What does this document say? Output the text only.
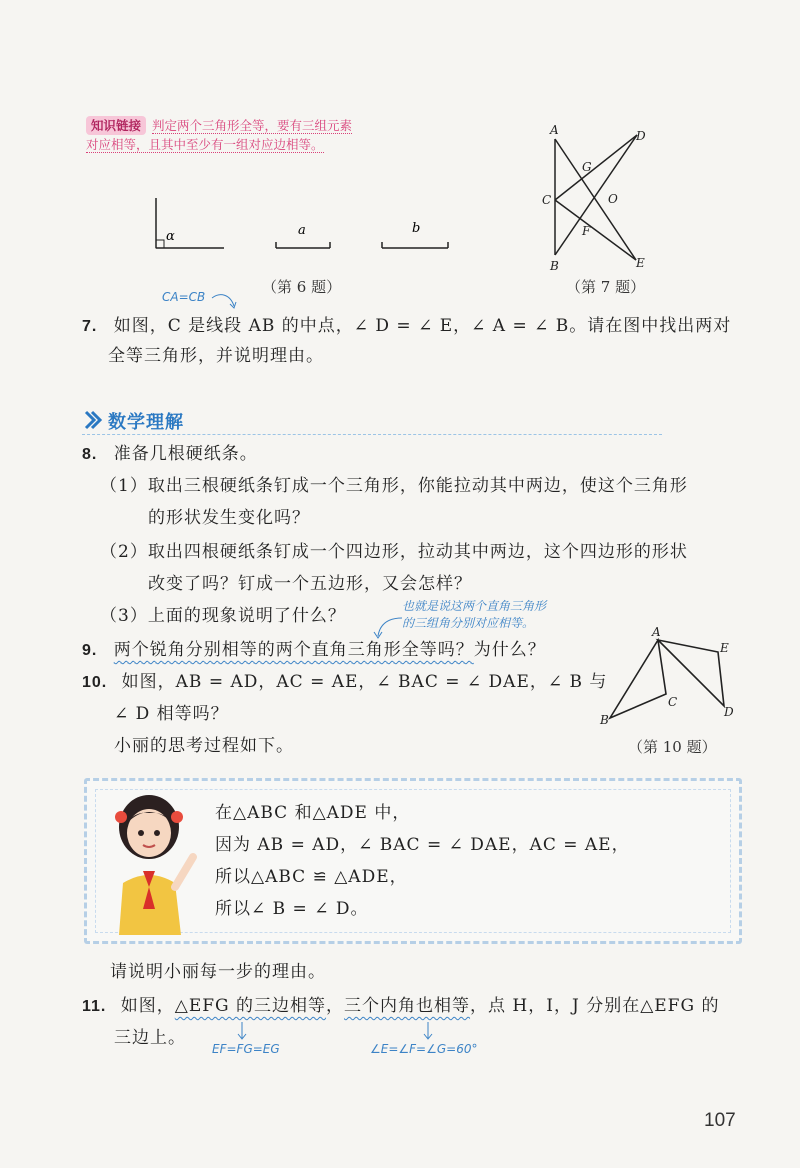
知识链接 判定两个三角形全等，要有三组元素
对应相等，且其中至少有一组对应边相等。
α	a	b
（第 6 题）
A	D
G
C	O
F
B	E
（第 7 题）
CA=CB
7. 如图，C 是线段 AB 的中点，∠ D = ∠ E，∠ A = ∠ B。请在图中找出两对
全等三角形，并说明理由。
数学理解
8. 准备几根硬纸条。
（1）取出三根硬纸条钉成一个三角形，你能拉动其中两边，使这个三角形
的形状发生变化吗？
（2）取出四根硬纸条钉成一个四边形，拉动其中两边，这个四边形的形状
改变了吗？钉成一个五边形，又会怎样？
（3）上面的现象说明了什么？	也就是说这两个直角三角形
的三组角分别对应相等。
9. 两个锐角分别相等的两个直角三角形全等吗？为什么？
10. 如图，AB = AD，AC = AE，∠ BAC = ∠ DAE，∠ B 与
∠ D 相等吗？
小丽的思考过程如下。
A
E
C
B
D
（第 10 题）
在△ABC 和△ADE 中，
因为 AB = AD，∠ BAC = ∠ DAE，AC = AE，
所以△ABC ≌ △ADE，
所以∠ B = ∠ D。
请说明小丽每一步的理由。
11. 如图，△EFG 的三边相等，三个内角也相等，点 H，I，J 分别在△EFG 的
三边上。
EF=FG=EG	∠E=∠F=∠G=60°
107
